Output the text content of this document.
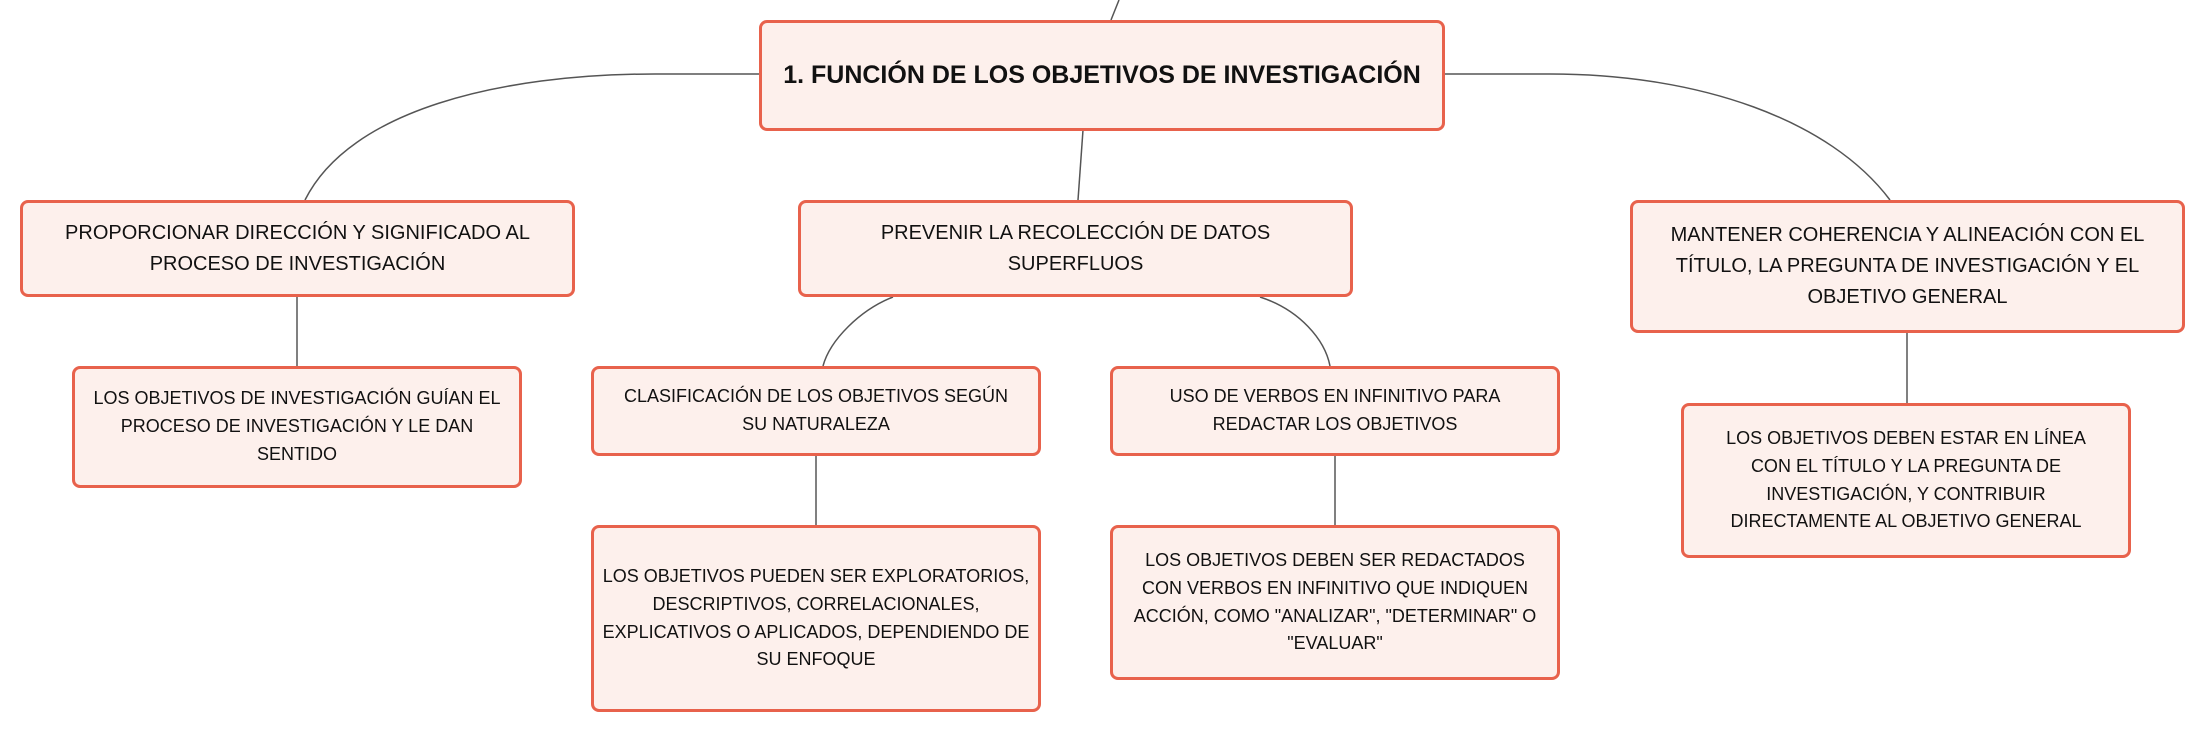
1. FUNCIÓN DE LOS OBJETIVOS DE INVESTIGACIÓN
PROPORCIONAR DIRECCIÓN Y SIGNIFICADO AL PROCESO DE INVESTIGACIÓN
PREVENIR LA RECOLECCIÓN DE DATOS SUPERFLUOS
MANTENER COHERENCIA Y ALINEACIÓN CON EL TÍTULO, LA PREGUNTA DE INVESTIGACIÓN Y EL OBJETIVO GENERAL
LOS OBJETIVOS DE INVESTIGACIÓN GUÍAN EL PROCESO DE INVESTIGACIÓN Y LE DAN SENTIDO
CLASIFICACIÓN DE LOS OBJETIVOS SEGÚN SU NATURALEZA
USO DE VERBOS EN INFINITIVO PARA REDACTAR LOS OBJETIVOS
LOS OBJETIVOS PUEDEN SER EXPLORATORIOS, DESCRIPTIVOS, CORRELACIONALES, EXPLICATIVOS O APLICADOS, DEPENDIENDO DE SU ENFOQUE
LOS OBJETIVOS DEBEN SER REDACTADOS CON VERBOS EN INFINITIVO QUE INDIQUEN ACCIÓN, COMO "ANALIZAR", "DETERMINAR" O "EVALUAR"
LOS OBJETIVOS DEBEN ESTAR EN LÍNEA CON EL TÍTULO Y LA PREGUNTA DE INVESTIGACIÓN, Y CONTRIBUIR DIRECTAMENTE AL OBJETIVO GENERAL
